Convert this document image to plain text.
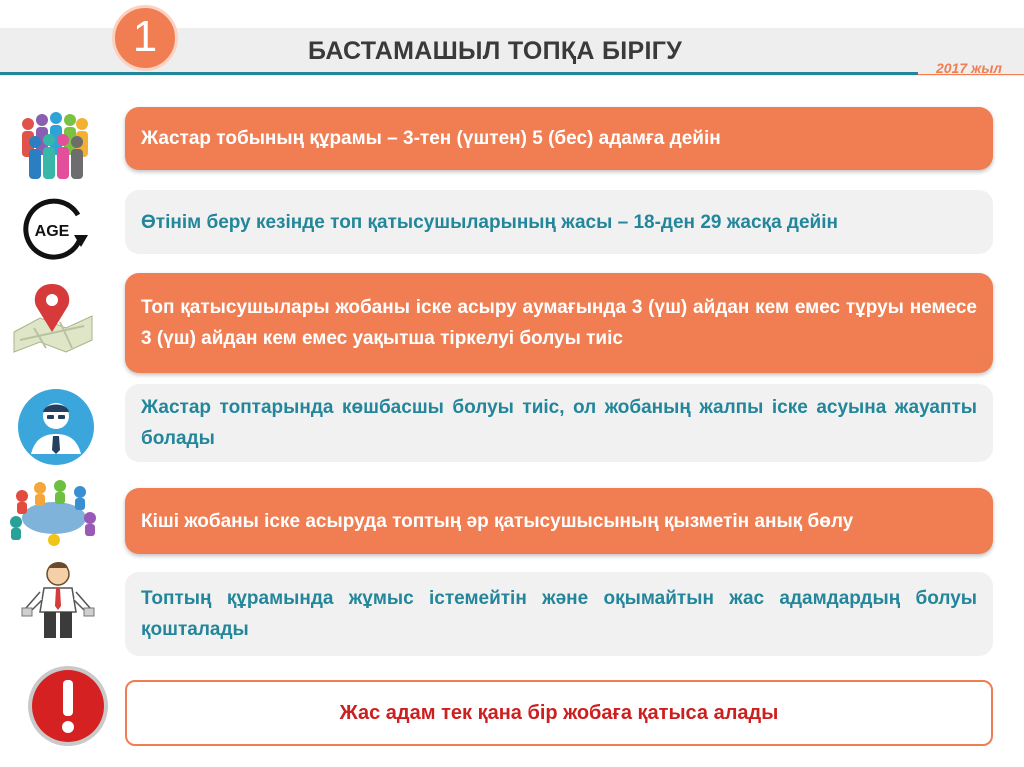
1	БАСТАМАШЫЛ ТОПҚА БІРІГУ
2017 жыл
AGE
Жастар тобының құрамы – 3-тен (үштен) 5 (бес) адамға дейін
Өтінім беру кезінде топ қатысушыларының жасы – 18-ден 29 жасқа дейін
Топ қатысушылары жобаны іске асыру аумағында 3 (үш) айдан кем емес тұруы немесе 3 (үш) айдан кем емес уақытша тіркелуі болуы тиіс
Жастар топтарында көшбасшы болуы тиіс, ол жобаның жалпы іске асуына жауапты болады
Кіші жобаны іске асыруда топтың әр қатысушысының қызметін анық бөлу
Топтың құрамында жұмыс істемейтін және оқымайтын жас адамдардың болуы қошталады
Жас адам тек қана бір жобаға қатыса алады
